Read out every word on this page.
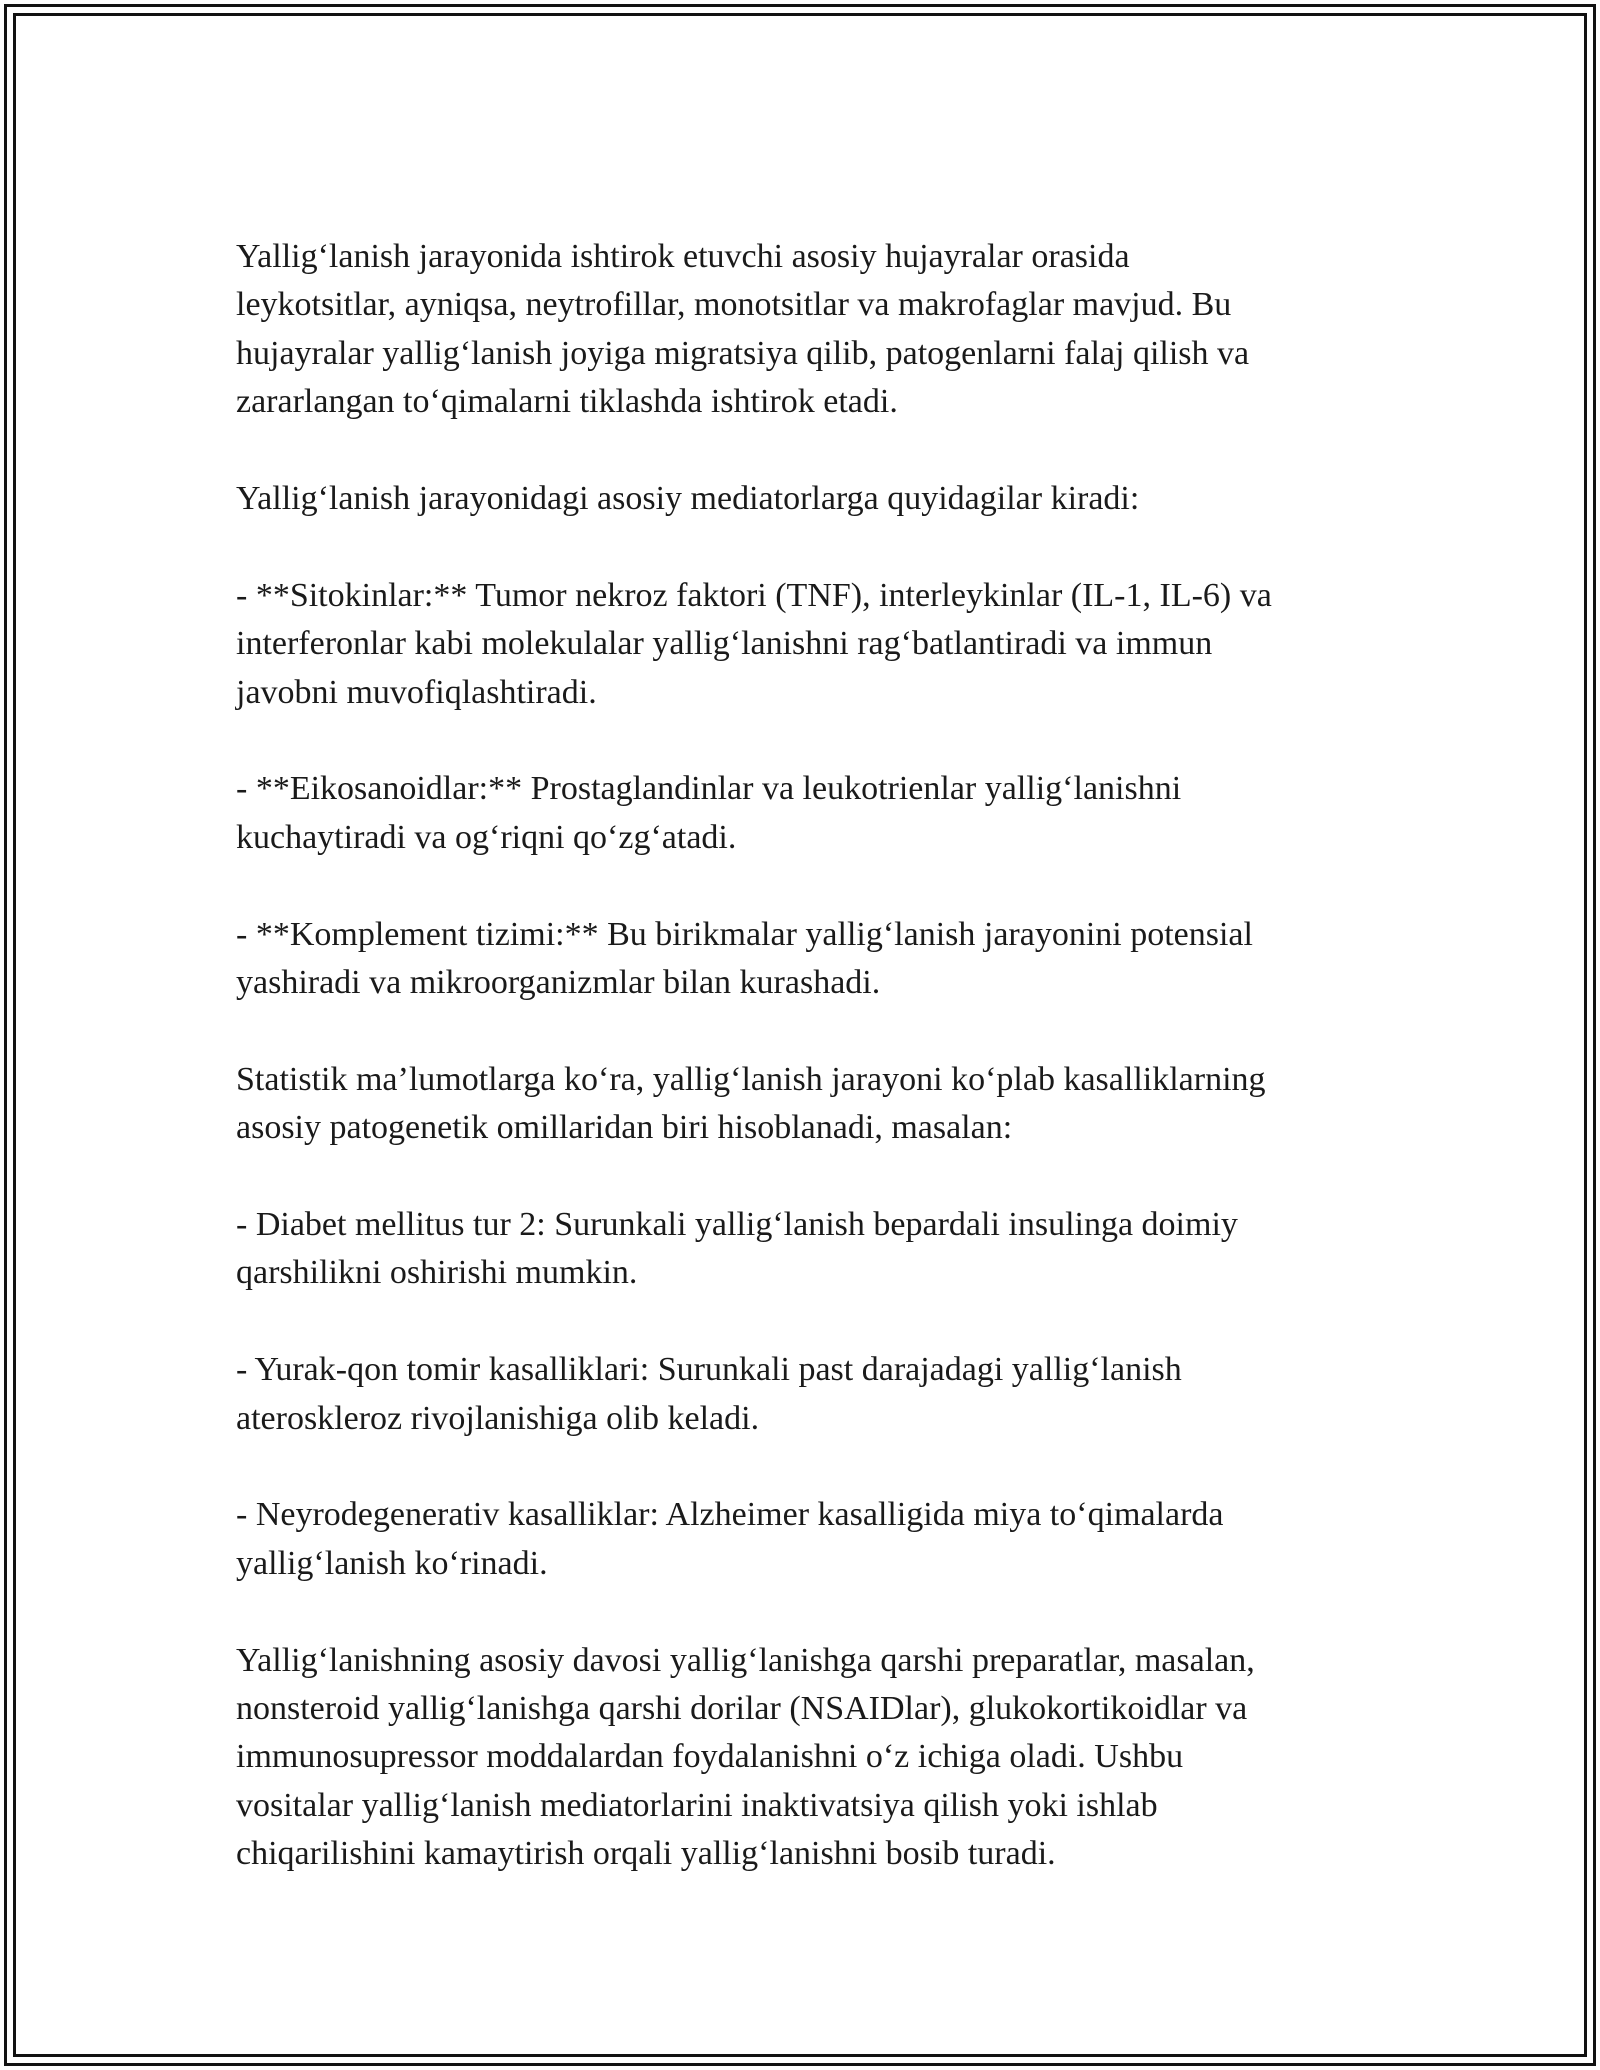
Yallig‘lanish jarayonida ishtirok etuvchi asosiy hujayralar orasida
leykotsitlar, ayniqsa, neytrofillar, monotsitlar va makrofaglar mavjud. Bu
hujayralar yallig‘lanish joyiga migratsiya qilib, patogenlarni falaj qilish va
zararlangan to‘qimalarni tiklashda ishtirok etadi.

Yallig‘lanish jarayonidagi asosiy mediatorlarga quyidagilar kiradi:

- **Sitokinlar:** Tumor nekroz faktori (TNF), interleykinlar (IL-1, IL-6) va
interferonlar kabi molekulalar yallig‘lanishni rag‘batlantiradi va immun
javobni muvofiqlashtiradi.

- **Eikosanoidlar:** Prostaglandinlar va leukotrienlar yallig‘lanishni
kuchaytiradi va og‘riqni qo‘zg‘atadi.

- **Komplement tizimi:** Bu birikmalar yallig‘lanish jarayonini potensial
yashiradi va mikroorganizmlar bilan kurashadi.

Statistik ma’lumotlarga ko‘ra, yallig‘lanish jarayoni ko‘plab kasalliklarning
asosiy patogenetik omillaridan biri hisoblanadi, masalan:

- Diabet mellitus tur 2: Surunkali yallig‘lanish bepardali insulinga doimiy
qarshilikni oshirishi mumkin.

- Yurak-qon tomir kasalliklari: Surunkali past darajadagi yallig‘lanish
ateroskleroz rivojlanishiga olib keladi.

- Neyrodegenerativ kasalliklar: Alzheimer kasalligida miya to‘qimalarda
yallig‘lanish ko‘rinadi.

Yallig‘lanishning asosiy davosi yallig‘lanishga qarshi preparatlar, masalan,
nonsteroid yallig‘lanishga qarshi dorilar (NSAIDlar), glukokortikoidlar va
immunosupressor moddalardan foydalanishni o‘z ichiga oladi. Ushbu
vositalar yallig‘lanish mediatorlarini inaktivatsiya qilish yoki ishlab
chiqarilishini kamaytirish orqali yallig‘lanishni bosib turadi.
